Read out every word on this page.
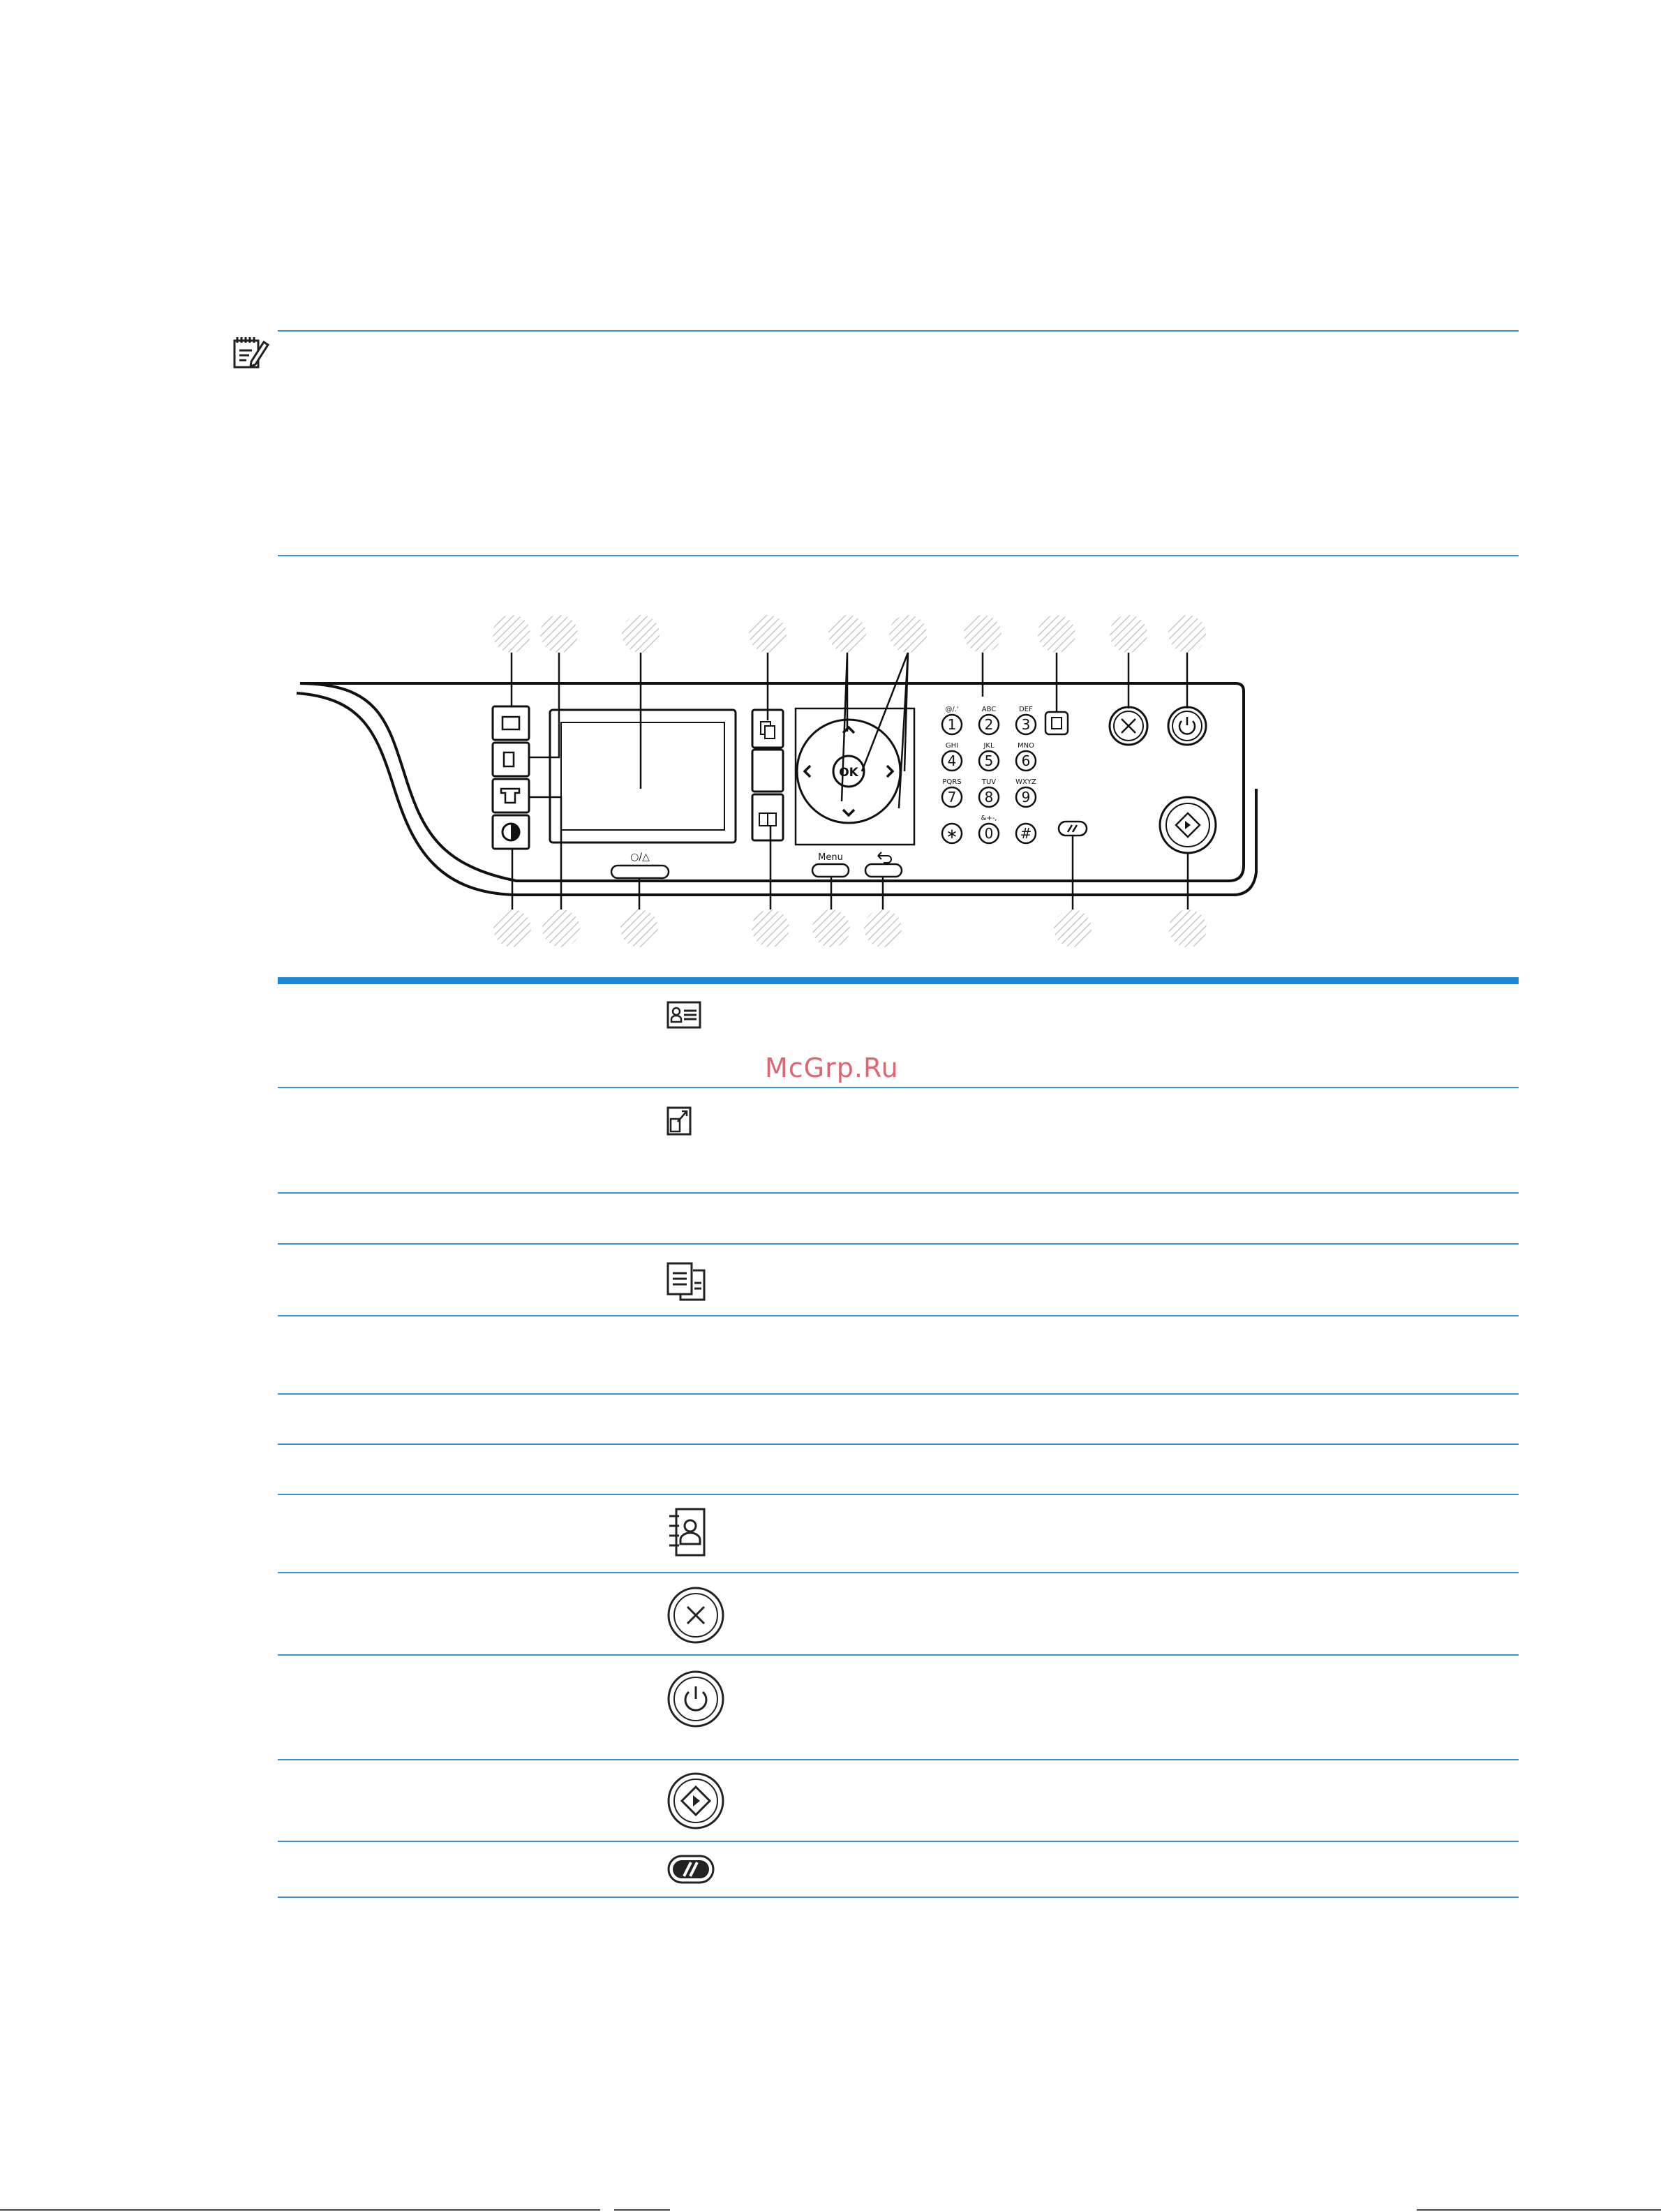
○/△
OK
Menu
1
@/.'
2
ABC
3
DEF
4
GHI
5
JKL
6
MNO
7
PQRS
8
TUV
9
WXYZ
∗ 0
&+-,
#
McGrp.Ru
